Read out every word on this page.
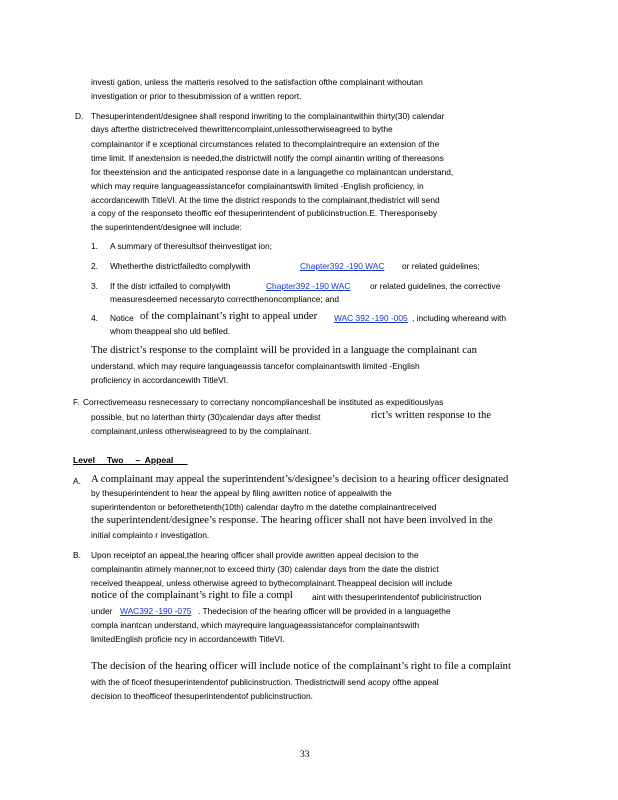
investi gation, unless the matteris resolved to the satisfaction ofthe complainant withoutan
investigation or prior to thesubmission of a written report.
D. Thesuperintendent/designee shall respond inwriting to the complainantwithin thirty(30) calendar
days afterthe districtreceived thewrittencomplaint,unlessotherwiseagreed to bythe
complainantor if e xceptional circumstances related to thecomplaintrequire an extension of the
time limit. If anextension is needed,the districtwill notify the compl ainantin writing of thereasons
for theextension and the anticipated response date in a languagethe co mplainantcan understand,
which may require languageassistancefor complainantswith limited -English proficiency, in
accordancewith TitleVI. At the time the district responds to the complainant,thedistrict will send
a copy of the responseto theoffic eof thesuperintendent of publicinstruction.E. Theresponseby
the superintendent/designee will include:
1. A summary of theresultsof theinvestigat ion;
2. Whetherthe districtfailedto complywith	Chapter392 -190 WAC or related guidelines;
3. If the distr ictfailed to complywith	Chapter392 -190 WAC or related guidelines, the corrective
measuresdeemed necessaryto correctthenoncompliance; and
4. Notice of the complainant’s right to appeal under WAC 392 -190 -005 , including whereand with
whom theappeal sho uld befiled.
The district’s response to the complaint will be provided in a language the complainant can
understand, which may require languageassis tancefor complainantswith limited -English
proficiency in accordancewith TitleVI.
F. Correctivemeasu resnecessary to correctany noncomplianceshall be instituted as expeditiouslyas
possible, but no laterthan thirty (30)calendar days after thedist	rict’s written response to the
complainant,unless otherwiseagreed to by the complainant.
Level     Two     –  Appeal
A. A complainant may appeal the superintendent’s/designee’s decision to a hearing officer designated
by thesuperintendent to hear the appeal by filing awritten notice of appealwith the
superintendenton or beforethetenth(10th) calendar dayfro m the datethe complainantreceived
the superintendent/designee’s response. The hearing officer shall not have been involved in the
initial complainto r investigation.
B. Upon receiptof an appeal,the hearing officer shall provide awritten appeal decision to the
complainantin atimely manner,not to exceed thirty (30) calendar days from the date the district
received theappeal, unless otherwise agreed to bythecomplainant.Theappeal decision will include
notice of the complainant’s right to file a compl aint with thesuperintendentof publicinstruction
under WAC392 -190 -075 . Thedecision of the hearing officer will be provided in a languagethe
compla inantcan understand, which mayrequire languageassistancefor complainantswith
limitedEnglish proficie ncy in accordancewith TitleVI.
The decision of the hearing officer will include notice of the complainant’s right to file a complaint
with the of ficeof thesuperintendentof publicinstruction. Thedistrictwill send acopy ofthe appeal
decision to theofficeof thesuperintendentof publicinstruction.
33
